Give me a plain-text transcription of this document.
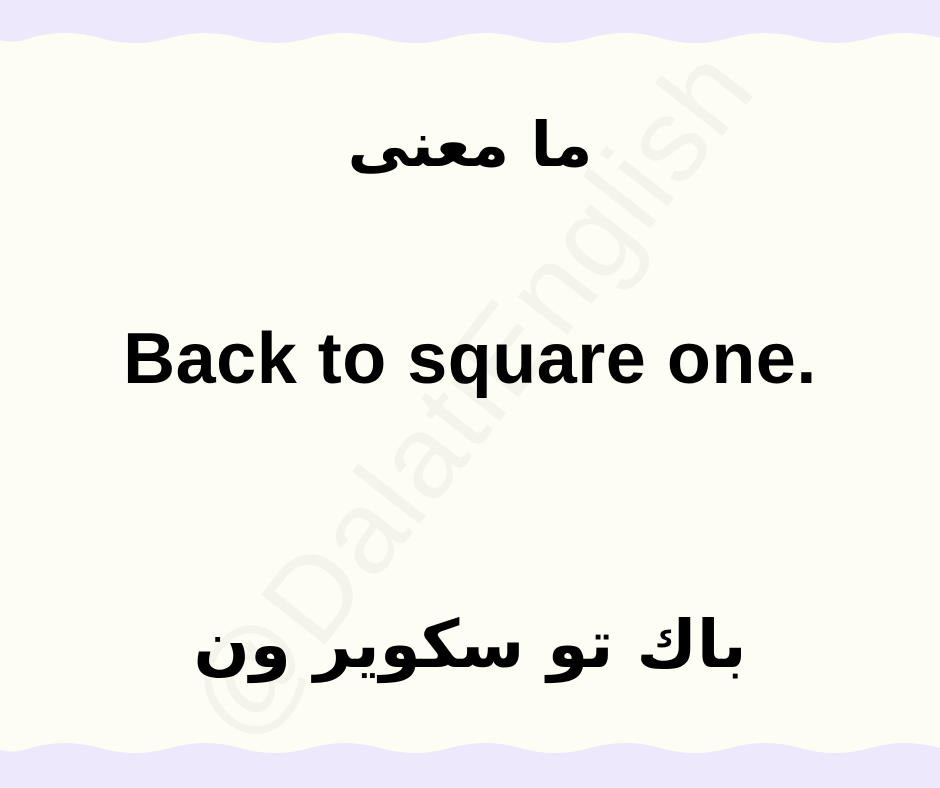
ما معنى
Back to square one.
باك تو سكوير ون
